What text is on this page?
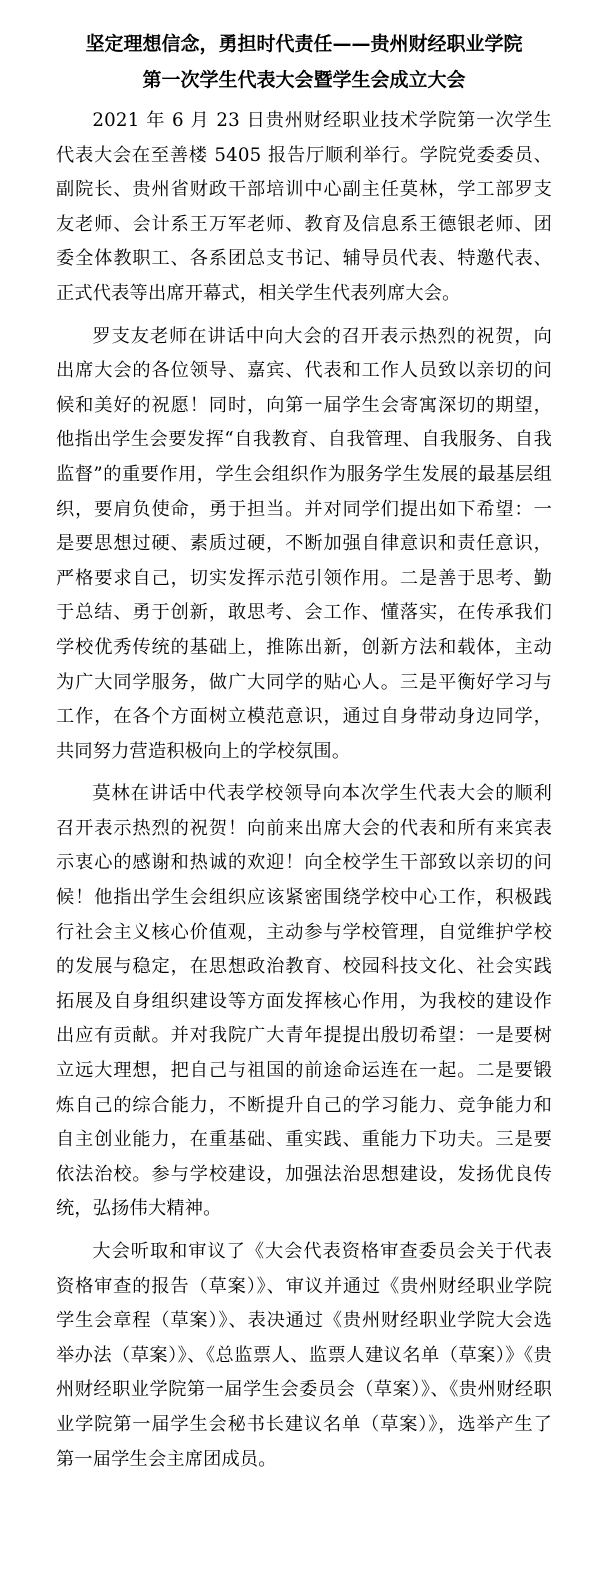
坚定理想信念，勇担时代责任——贵州财经职业学院
第一次学生代表大会暨学生会成立大会

2021 年 6 月 23 日贵州财经职业技术学院第一次学生代表大会在至善楼 5405 报告厅顺利举行。学院党委委员、副院长、贵州省财政干部培训中心副主任莫林，学工部罗支友老师、会计系王万军老师、教育及信息系王德银老师、团委全体教职工、各系团总支书记、辅导员代表、特邀代表、正式代表等出席开幕式，相关学生代表列席大会。

罗支友老师在讲话中向大会的召开表示热烈的祝贺，向出席大会的各位领导、嘉宾、代表和工作人员致以亲切的问候和美好的祝愿！同时，向第一届学生会寄寓深切的期望，他指出学生会要发挥“自我教育、自我管理、自我服务、自我监督”的重要作用，学生会组织作为服务学生发展的最基层组织，要肩负使命，勇于担当。并对同学们提出如下希望：一是要思想过硬、素质过硬，不断加强自律意识和责任意识，严格要求自己，切实发挥示范引领作用。二是善于思考、勤于总结、勇于创新，敢思考、会工作、懂落实，在传承我们学校优秀传统的基础上，推陈出新，创新方法和载体，主动为广大同学服务，做广大同学的贴心人。三是平衡好学习与工作，在各个方面树立模范意识，通过自身带动身边同学，共同努力营造积极向上的学校氛围。

莫林在讲话中代表学校领导向本次学生代表大会的顺利召开表示热烈的祝贺！向前来出席大会的代表和所有来宾表示衷心的感谢和热诚的欢迎！向全校学生干部致以亲切的问候！他指出学生会组织应该紧密围绕学校中心工作，积极践行社会主义核心价值观，主动参与学校管理，自觉维护学校的发展与稳定，在思想政治教育、校园科技文化、社会实践拓展及自身组织建设等方面发挥核心作用，为我校的建设作出应有贡献。并对我院广大青年提提出殷切希望：一是要树立远大理想，把自己与祖国的前途命运连在一起。二是要锻炼自己的综合能力，不断提升自己的学习能力、竞争能力和自主创业能力，在重基础、重实践、重能力下功夫。三是要依法治校。参与学校建设，加强法治思想建设，发扬优良传统，弘扬伟大精神。

大会听取和审议了《大会代表资格审查委员会关于代表资格审查的报告（草案）》、审议并通过《贵州财经职业学院学生会章程（草案）》、表决通过《贵州财经职业学院大会选举办法（草案）》、《总监票人、监票人建议名单（草案）》《贵州财经职业学院第一届学生会委员会（草案）》、《贵州财经职业学院第一届学生会秘书长建议名单（草案）》，选举产生了第一届学生会主席团成员。
